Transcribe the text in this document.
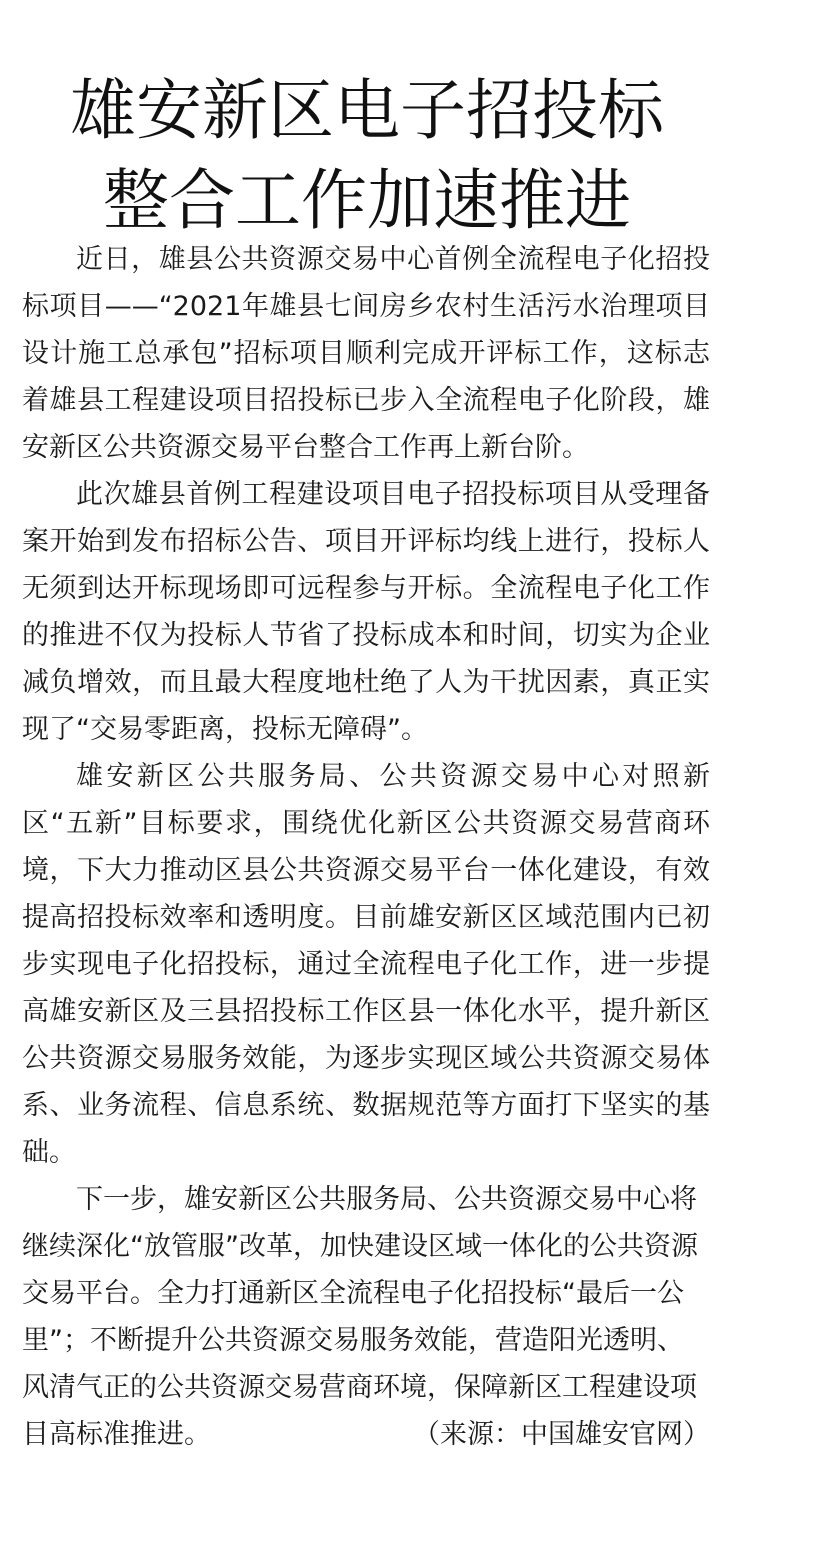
雄安新区电子招投标
整合工作加速推进

近日，雄县公共资源交易中心首例全流程电子化招投标项目——“2021年雄县七间房乡农村生活污水治理项目设计施工总承包”招标项目顺利完成开评标工作，这标志着雄县工程建设项目招投标已步入全流程电子化阶段，雄安新区公共资源交易平台整合工作再上新台阶。

此次雄县首例工程建设项目电子招投标项目从受理备案开始到发布招标公告、项目开评标均线上进行，投标人无须到达开标现场即可远程参与开标。全流程电子化工作的推进不仅为投标人节省了投标成本和时间，切实为企业减负增效，而且最大程度地杜绝了人为干扰因素，真正实现了“交易零距离，投标无障碍”。

雄安新区公共服务局、公共资源交易中心对照新区“五新”目标要求，围绕优化新区公共资源交易营商环境，下大力推动区县公共资源交易平台一体化建设，有效提高招投标效率和透明度。目前雄安新区区域范围内已初步实现电子化招投标，通过全流程电子化工作，进一步提高雄安新区及三县招投标工作区县一体化水平，提升新区公共资源交易服务效能，为逐步实现区域公共资源交易体系、业务流程、信息系统、数据规范等方面打下坚实的基础。

下一步，雄安新区公共服务局、公共资源交易中心将继续深化“放管服”改革，加快建设区域一体化的公共资源交易平台。全力打通新区全流程电子化招投标“最后一公里”；不断提升公共资源交易服务效能，营造阳光透明、风清气正的公共资源交易营商环境，保障新区工程建设项目高标准推进。	（来源：中国雄安官网）
